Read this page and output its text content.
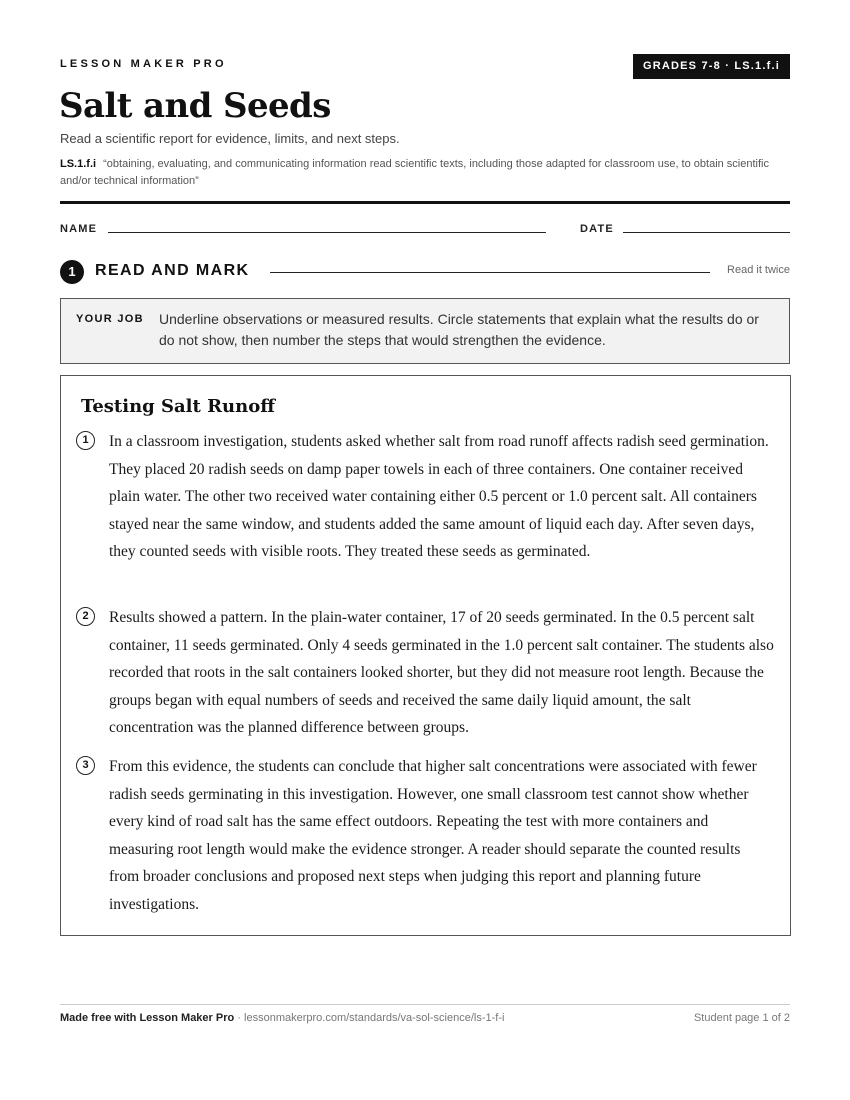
LESSON MAKER PRO	GRADES 7-8 · LS.1.f.i
Salt and Seeds
Read a scientific report for evidence, limits, and next steps.
LS.1.f.i “obtaining, evaluating, and communicating information read scientific texts, including those adapted for classroom use, to obtain scientific and/or technical information”
NAME	DATE
1	READ AND MARK	Read it twice
YOUR JOB Underline observations or measured results. Circle statements that explain what the results do or do not show, then number the steps that would strengthen the evidence.
Testing Salt Runoff
1	In a classroom investigation, students asked whether salt from road runoff affects radish seed germination. They placed 20 radish seeds on damp paper towels in each of three containers. One container received plain water. The other two received water containing either 0.5 percent or 1.0 percent salt. All containers stayed near the same window, and students added the same amount of liquid each day. After seven days, they counted seeds with visible roots. They treated these seeds as germinated.

2	Results showed a pattern. In the plain-water container, 17 of 20 seeds germinated. In the 0.5 percent salt container, 11 seeds germinated. Only 4 seeds germinated in the 1.0 percent salt container. The students also recorded that roots in the salt containers looked shorter, but they did not measure root length. Because the groups began with equal numbers of seeds and received the same daily liquid amount, the salt concentration was the planned difference between groups.

3	From this evidence, the students can conclude that higher salt concentrations were associated with fewer radish seeds germinating in this investigation. However, one small classroom test cannot show whether every kind of road salt has the same effect outdoors. Repeating the test with more containers and measuring root length would make the evidence stronger. A reader should separate the counted results from broader conclusions and proposed next steps when judging this report and planning future investigations.

Made free with Lesson Maker Pro · lessonmakerpro.com/standards/va-sol-science/ls-1-f-i	Student page 1 of 2
